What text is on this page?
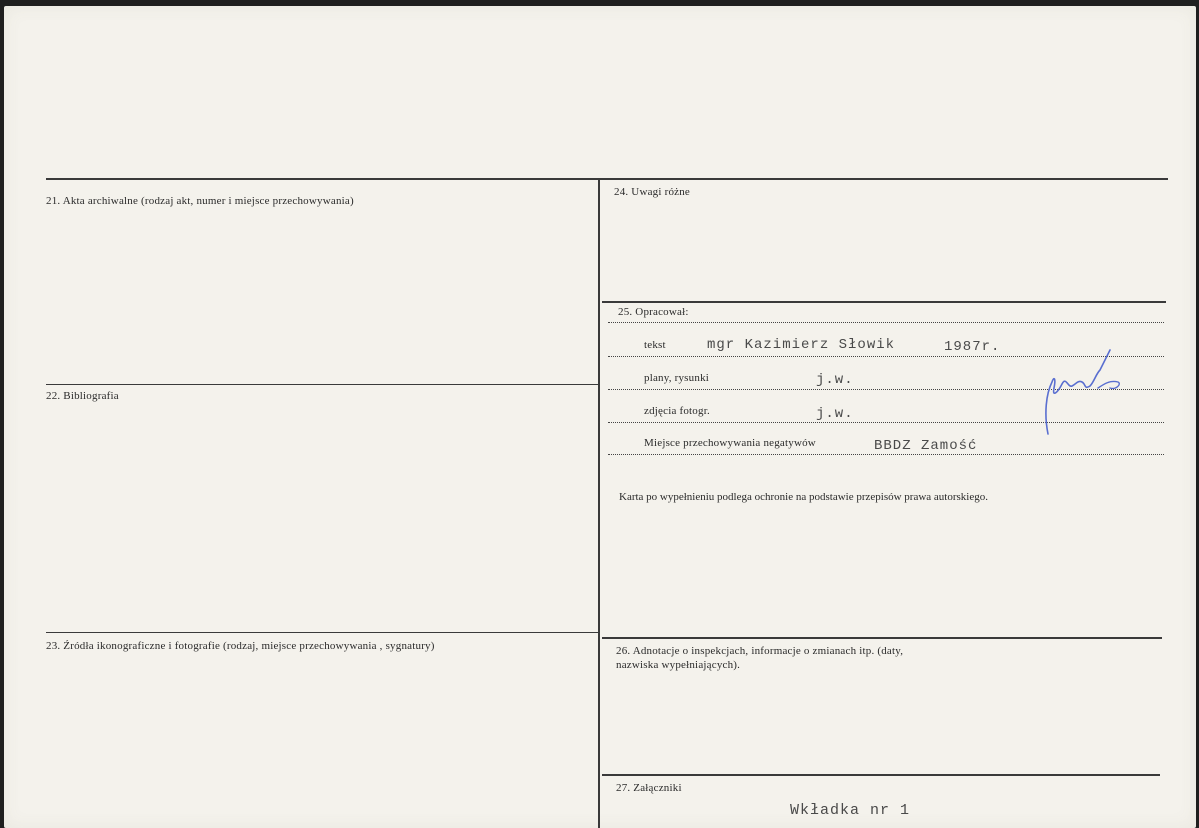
21. Akta archiwalne (rodzaj akt, numer i miejsce przechowywania)
22. Bibliografia
23. Źródła ikonograficzne i fotografie (rodzaj, miejsce przechowywania , sygnatury)
24. Uwagi różne
25. Opracował:
26. Adnotacje o inspekcjach, informacje o zmianach itp. (daty,
nazwiska wypełniających).
27. Załączniki
tekst	mgr Kazimierz Słowik	1987r.
plany, rysunki	j.w.
zdjęcia fotogr.	j.w.
Miejsce przechowywania negatywów	BBDZ Zamość
Karta po wypełnieniu podlega ochronie na podstawie przepisów prawa autorskiego.
Wkładka nr 1
